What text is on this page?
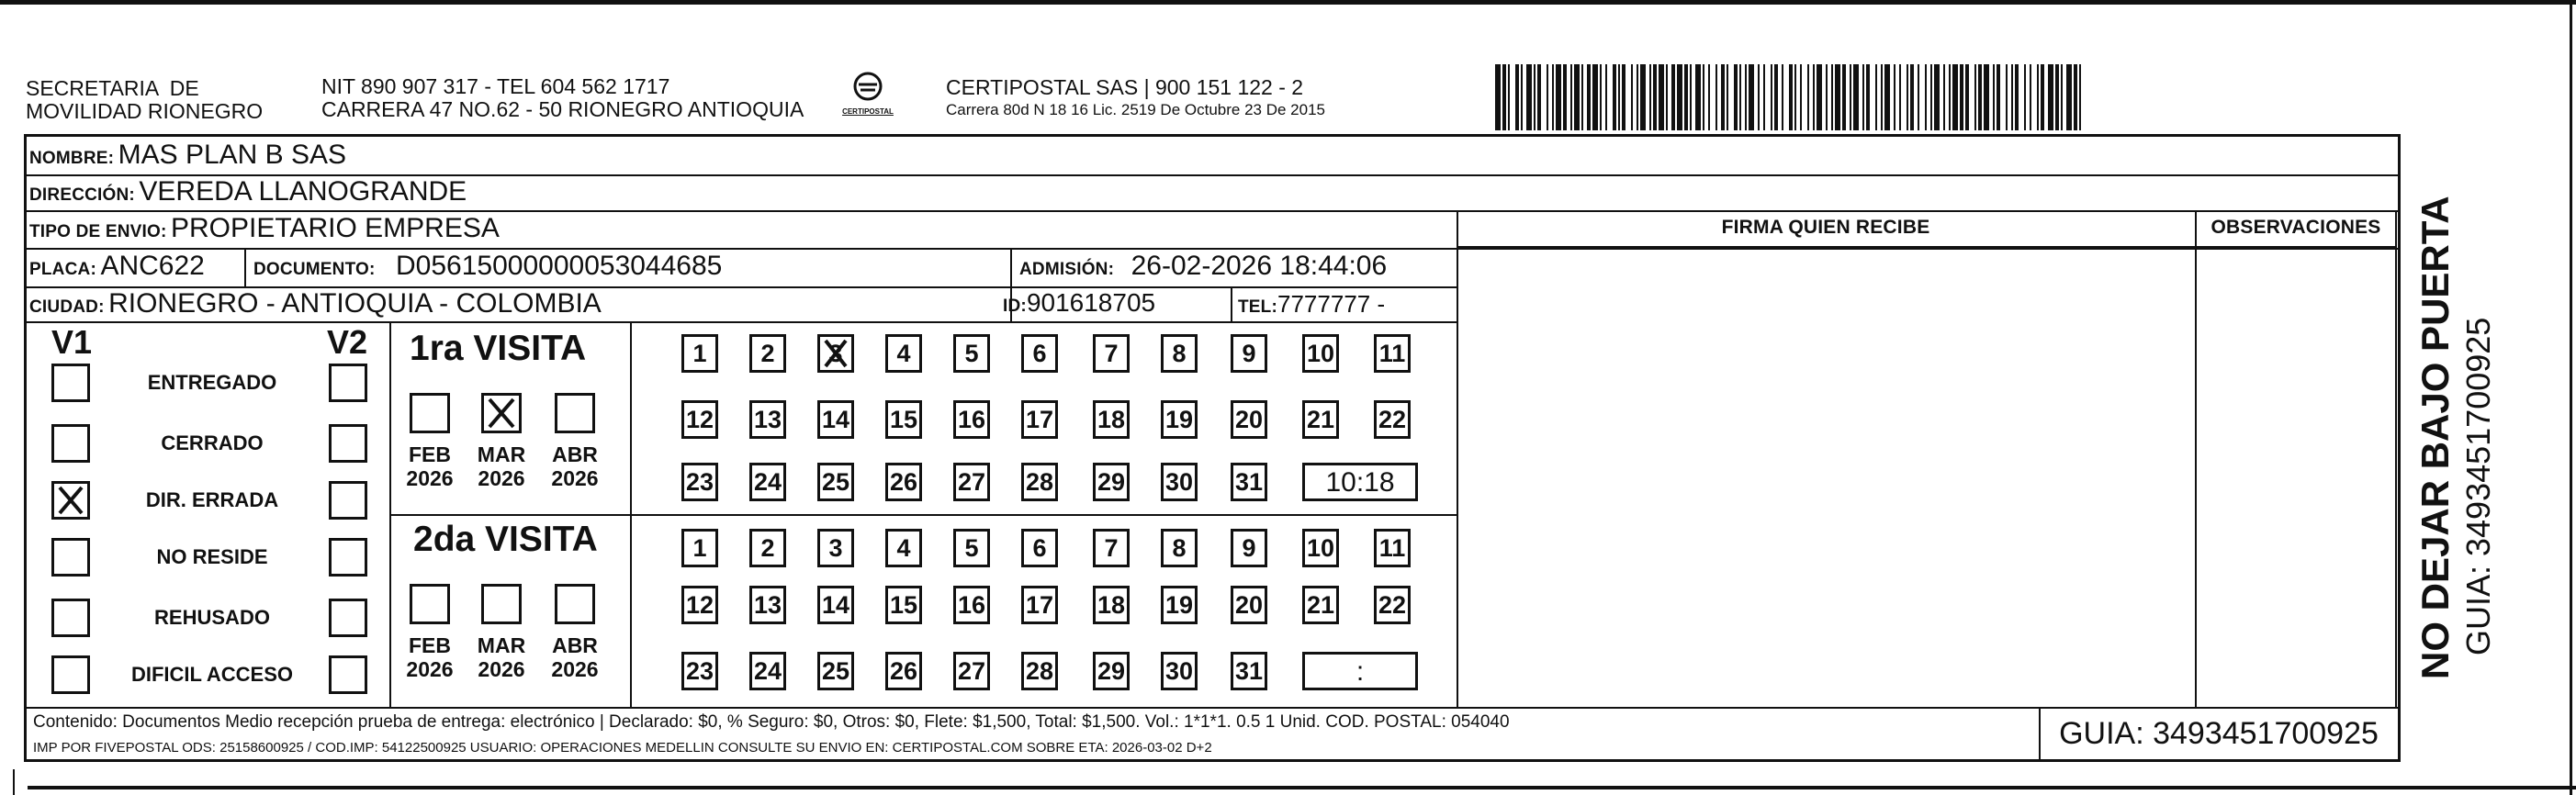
SECRETARIA  DE
MOVILIDAD RIONEGRO
NIT 890 907 317 - TEL 604 562 1717
CARRERA 47 NO.62 - 50 RIONEGRO ANTIOQUIA	CERTIPOSTAL
CERTIPOSTAL SAS | 900 151 122 - 2
Carrera 80d N 18 16 Lic. 2519 De Octubre 23 De 2015
NOMBRE: MAS PLAN B SAS
DIRECCIÓN: VEREDA LLANOGRANDE
TIPO DE ENVIO: PROPIETARIO EMPRESA	FIRMA QUIEN RECIBE	OBSERVACIONES
PLACA: ANC622	DOCUMENTO: D05615000000053044685	ADMISIÓN: 26-02-2026 18:44:06
CIUDAD: RIONEGRO - ANTIOQUIA - COLOMBIA	ID:901618705	TEL:7777777 -
V1	V2
ENTREGADO
CERRADO
DIR. ERRADA
NO RESIDE
REHUSADO
DIFICIL ACCESO
1ra VISITA
2da VISITA
FEB
2026
MAR
2026
ABR
2026
FEB
2026
MAR
2026
ABR
2026
1	2	3	4	5	6	7	8	9	10 11
12 13 14 15 16 17 18 19 20 21 22
23 24 25 26 27 28 29 30 31	10:18
1	2	3	4	5	6	7	8	9	10 11
12 13 14 15 16 17 18 19 20 21 22
23 24 25 26 27 28 29 30 31	:
Contenido: Documentos Medio recepción prueba de entrega: electrónico | Declarado: $0, % Seguro: $0, Otros: $0, Flete: $1,500, Total: $1,500. Vol.: 1*1*1. 0.5 1 Unid. COD. POSTAL: 054040
IMP POR FIVEPOSTAL ODS: 25158600925 / COD.IMP: 54122500925 USUARIO: OPERACIONES MEDELLIN CONSULTE SU ENVIO EN: CERTIPOSTAL.COM SOBRE ETA: 2026-03-02 D+2	GUIA: 3493451700925
NO DEJAR BAJO PUERTA GUIA: 3493451700925
